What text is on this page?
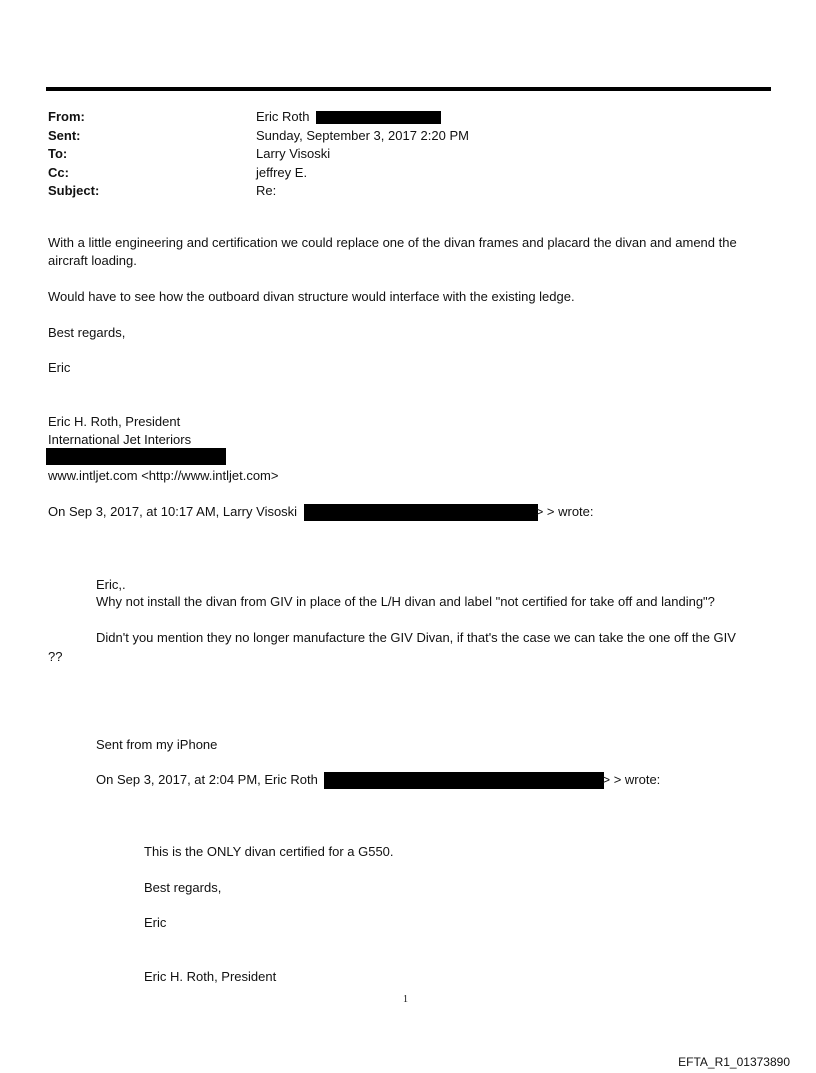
From:	Eric Roth
Sent:	Sunday, September 3, 2017 2:20 PM
To:	Larry Visoski
Cc:	jeffrey E.
Subject:	Re:
With a little engineering and certification we could replace one of the divan frames and placard the divan and amend the aircraft loading.
Would have to see how the outboard divan structure would interface with the existing ledge.
Best regards,
Eric
Eric H. Roth, President
International Jet Interiors
www.intljet.com <http://www.intljet.com>
On Sep 3, 2017, at 10:17 AM, Larry Visoski	> > wrote:
Eric,.
Why not install the divan from GIV in place of the L/H divan and label "not certified for take off and landing"?
Didn't you mention they no longer manufacture the GIV Divan, if that's the case we can take the one off the GIV
??
Sent from my iPhone
On Sep 3, 2017, at 2:04 PM, Eric Roth	> > wrote:
This is the ONLY divan certified for a G550.
Best regards,
Eric
Eric H. Roth, President
1
EFTA_R1_01373890
